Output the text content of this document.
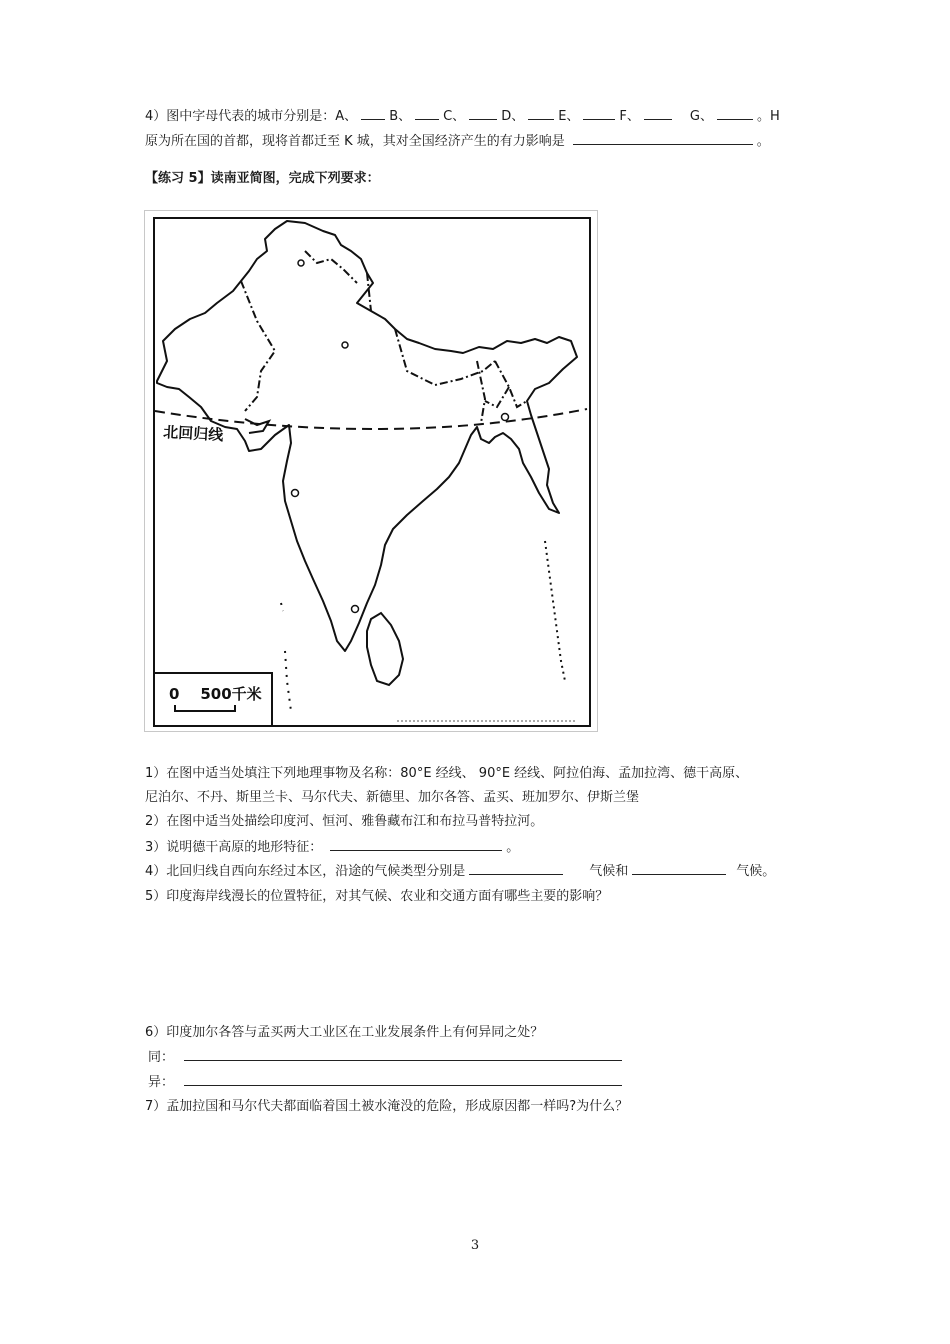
4）图中字母代表的城市分别是：A、 B、 C、	D、	E、	F、	G、	。H
原为所在国的首都，现将首都迁至 K 城，其对全国经济产生的有力影响是	。
【练习 5】读南亚简图，完成下列要求：
北回归线
0    500千米
1）在图中适当处填注下列地理事物及名称：80°E 经线、 90°E 经线、阿拉伯海、孟加拉湾、德干高原、
尼泊尔、不丹、斯里兰卡、马尔代夫、新德里、加尔各答、孟买、班加罗尔、伊斯兰堡
2）在图中适当处描绘印度河、恒河、雅鲁藏布江和布拉马普特拉河。
3）说明德干高原的地形特征：	。
4）北回归线自西向东经过本区，沿途的气候类型分别是	气候和	气候。
5）印度海岸线漫长的位置特征，对其气候、农业和交通方面有哪些主要的影响？
6）印度加尔各答与孟买两大工业区在工业发展条件上有何异同之处？
同：
异：
7）孟加拉国和马尔代夫都面临着国土被水淹没的危险，形成原因都一样吗?为什么？
3
